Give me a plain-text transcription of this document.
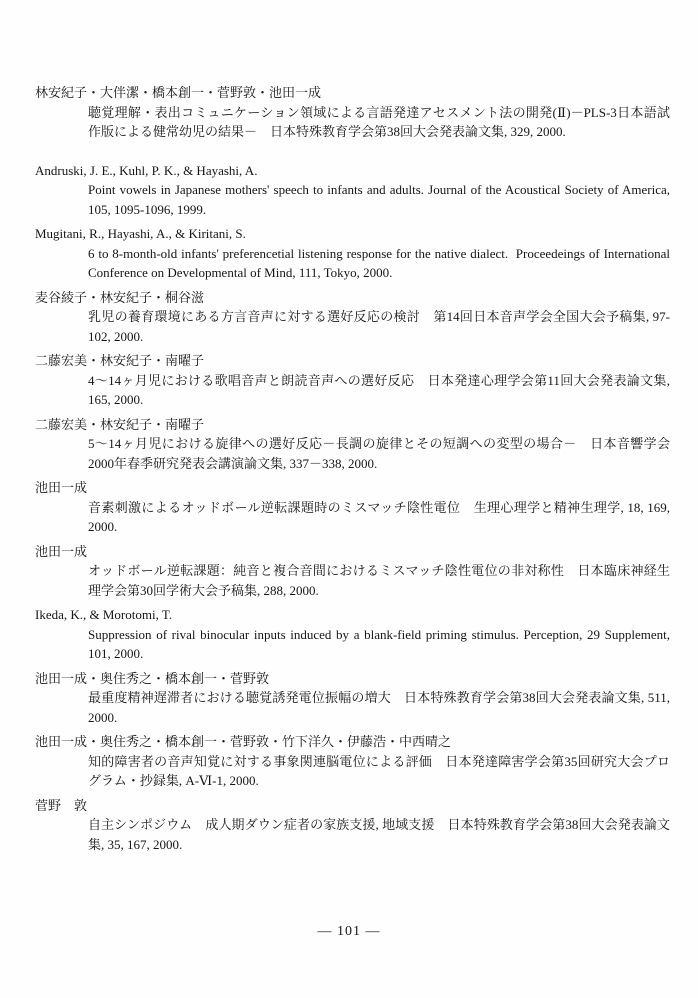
林安紀子・大伴潔・橋本創一・菅野敦・池田一成
聴覚理解・表出コミュニケーション領域による言語発達アセスメント法の開発(Ⅱ)－PLS-3日本語試作版による健常幼児の結果－　日本特殊教育学会第38回大会発表論文集, 329, 2000.
Andruski, J. E., Kuhl, P. K., & Hayashi, A.
Point vowels in Japanese mothers' speech to infants and adults. Journal of the Acoustical Society of America, 105, 1095-1096, 1999.
Mugitani, R., Hayashi, A., & Kiritani, S.
6 to 8-month-old infants' preferencetial listening response for the native dialect.  Proceedeings of International Conference on Developmental of Mind, 111, Tokyo, 2000.
麦谷綾子・林安紀子・桐谷滋
乳児の養育環境にある方言音声に対する選好反応の検討　第14回日本音声学会全国大会予稿集, 97-102, 2000.
二藤宏美・林安紀子・南曜子
4～14ヶ月児における歌唱音声と朗読音声への選好反応　日本発達心理学会第11回大会発表論文集, 165, 2000.
二藤宏美・林安紀子・南曜子
5～14ヶ月児における旋律への選好反応－長調の旋律とその短調への変型の場合－　日本音響学会2000年春季研究発表会講演論文集, 337－338, 2000.
池田一成
音素刺激によるオッドボール逆転課題時のミスマッチ陰性電位　生理心理学と精神生理学, 18, 169, 2000.
池田一成
オッドボール逆転課題：純音と複合音間におけるミスマッチ陰性電位の非対称性　日本臨床神経生理学会第30回学術大会予稿集, 288, 2000.
Ikeda, K., & Morotomi, T.
Suppression of rival binocular inputs induced by a blank-field priming stimulus. Perception, 29 Supplement, 101, 2000.
池田一成・奥住秀之・橋本創一・菅野敦
最重度精神遅滞者における聴覚誘発電位振幅の増大　日本特殊教育学会第38回大会発表論文集, 511, 2000.
池田一成・奥住秀之・橋本創一・菅野敦・竹下洋久・伊藤浩・中西晴之
知的障害者の音声知覚に対する事象関連脳電位による評価　日本発達障害学会第35回研究大会プログラム・抄録集, A-Ⅵ-1, 2000.
菅野　敦
自主シンポジウム　成人期ダウン症者の家族支援, 地域支援　日本特殊教育学会第38回大会発表論文集, 35, 167, 2000.
— 101 —
